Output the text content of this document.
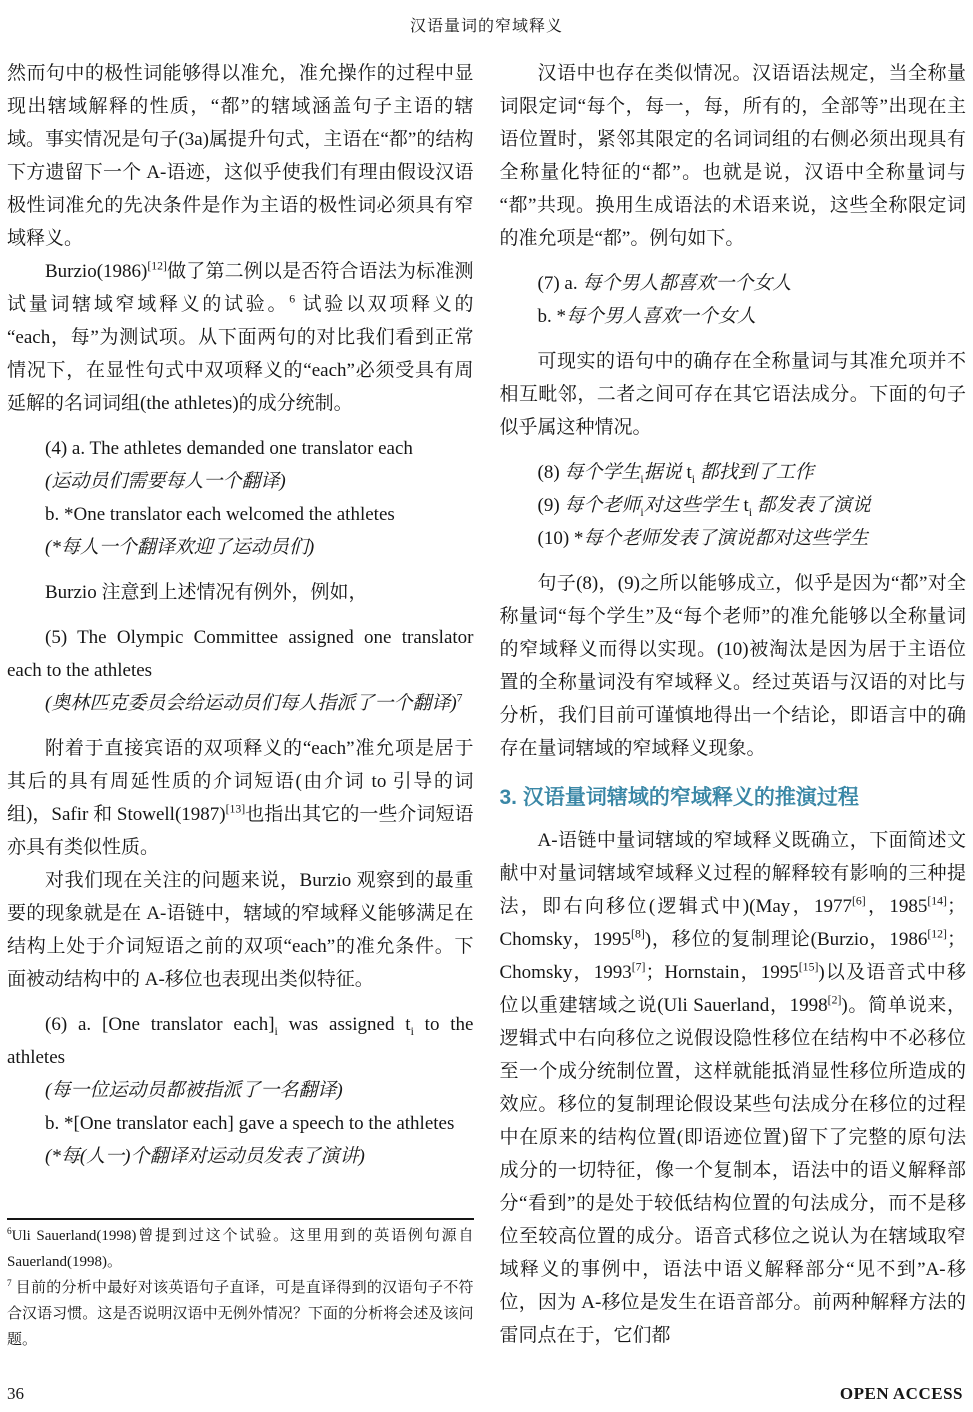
汉语量词的窄域释义

然而句中的极性词能够得以准允，准允操作的过程中显现出辖域解释的性质，“都”的辖域涵盖句子主语的辖域。事实情况是句子(3a)属提升句式，主语在“都”的结构下方遗留下一个 A-语迹，这似乎使我们有理由假设汉语极性词准允的先决条件是作为主语的极性词必须具有窄域释义。

Burzio(1986)[12]做了第二例以是否符合语法为标准测试量词辖域窄域释义的试验。$^6$ 试验以双项释义的“each，每”为测试项。从下面两句的对比我们看到正常情况下，在显性句式中双项释义的“each”必须受具有周延解的名词词组(the athletes)的成分统制。

(4) a. The athletes demanded one translator each
(运动员们需要每人一个翻译)
b. *One translator each welcomed the athletes
(*每人一个翻译欢迎了运动员们)

Burzio 注意到上述情况有例外，例如，

(5) The Olympic Committee assigned one translator each to the athletes
(奥林匹克委员会给运动员们每人指派了一个翻译)$^7$

附着于直接宾语的双项释义的“each”准允项是居于其后的具有周延性质的介词短语(由介词 to 引导的词组)，Safir 和 Stowell(1987)[13]也指出其它的一些介词短语亦具有类似性质。

对我们现在关注的问题来说，Burzio 观察到的最重要的现象就是在 A-语链中，辖域的窄域释义能够满足在结构上处于介词短语之前的双项“each”的准允条件。下面被动结构中的 A-移位也表现出类似特征。

(6) a. [One translator $each]_i$ was assigned $t_i$ to the athletes
(每一位运动员都被指派了一名翻译)
b. *[One translator each] gave a speech to the athletes
(*每(人一)个翻译对运动员发表了演讲)

$^6$Uli Sauerland(1998)曾提到过这个试验。这里用到的英语例句源自Sauerland(1998)。

$^7$ 目前的分析中最好对该英语句子直译，可是直译得到的汉语句子不符合汉语习惯。这是否说明汉语中无例外情况？下面的分析将会述及该问题。

汉语中也存在类似情况。汉语语法规定，当全称量词限定词“每个，每一，每，所有的，全部等”出现在主语位置时，紧邻其限定的名词词组的右侧必须出现具有全称量化特征的“都”。也就是说，汉语中全称量词与“都”共现。换用生成语法的术语来说，这些全称限定词的准允项是“都”。例句如下。

(7) a. 每个男人都喜欢一个女人
b. *每个男人喜欢一个女人

可现实的语句中的确存在全称量词与其准允项并不相互毗邻，二者之间可存在其它语法成分。下面的句子似乎属这种情况。

(8) 每个学生$_i$据说 $t_i$ 都找到了工作
(9) 每个老师$_i$对这些学生 $t_i$ 都发表了演说
(10) *每个老师发表了演说都对这些学生

句子(8)，(9)之所以能够成立，似乎是因为“都”对全称量词“每个学生”及“每个老师”的准允能够以全称量词的窄域释义而得以实现。(10)被淘汰是因为居于主语位置的全称量词没有窄域释义。经过英语与汉语的对比与分析，我们目前可谨慎地得出一个结论，即语言中的确存在量词辖域的窄域释义现象。

3. 汉语量词辖域的窄域释义的推演过程

A-语链中量词辖域的窄域释义既确立，下面简述文献中对量词辖域窄域释义过程的解释较有影响的三种提法，即右向移位(逻辑式中)(May，1977[6]，1985[14]；Chomsky，1995[8])，移位的复制理论(Burzio，1986[12]；Chomsky，1993[7]；Hornstain，1995[15])以及语音式中移位以重建辖域之说(Uli Sauerland，1998[2])。简单说来，逻辑式中右向移位之说假设隐性移位在结构中不必移位至一个成分统制位置，这样就能抵消显性移位所造成的效应。移位的复制理论假设某些句法成分在移位的过程中在原来的结构位置(即语迹位置)留下了完整的原句法成分的一切特征，像一个复制本，语法中的语义解释部分“看到”的是处于较低结构位置的句法成分，而不是移位至较高位置的成分。语音式移位之说认为在辖域取窄域释义的事例中，语法中语义解释部分“见不到”A-移位，因为 A-移位是发生在语音部分。前两种解释方法的雷同点在于，它们都

36	OPEN ACCESS
